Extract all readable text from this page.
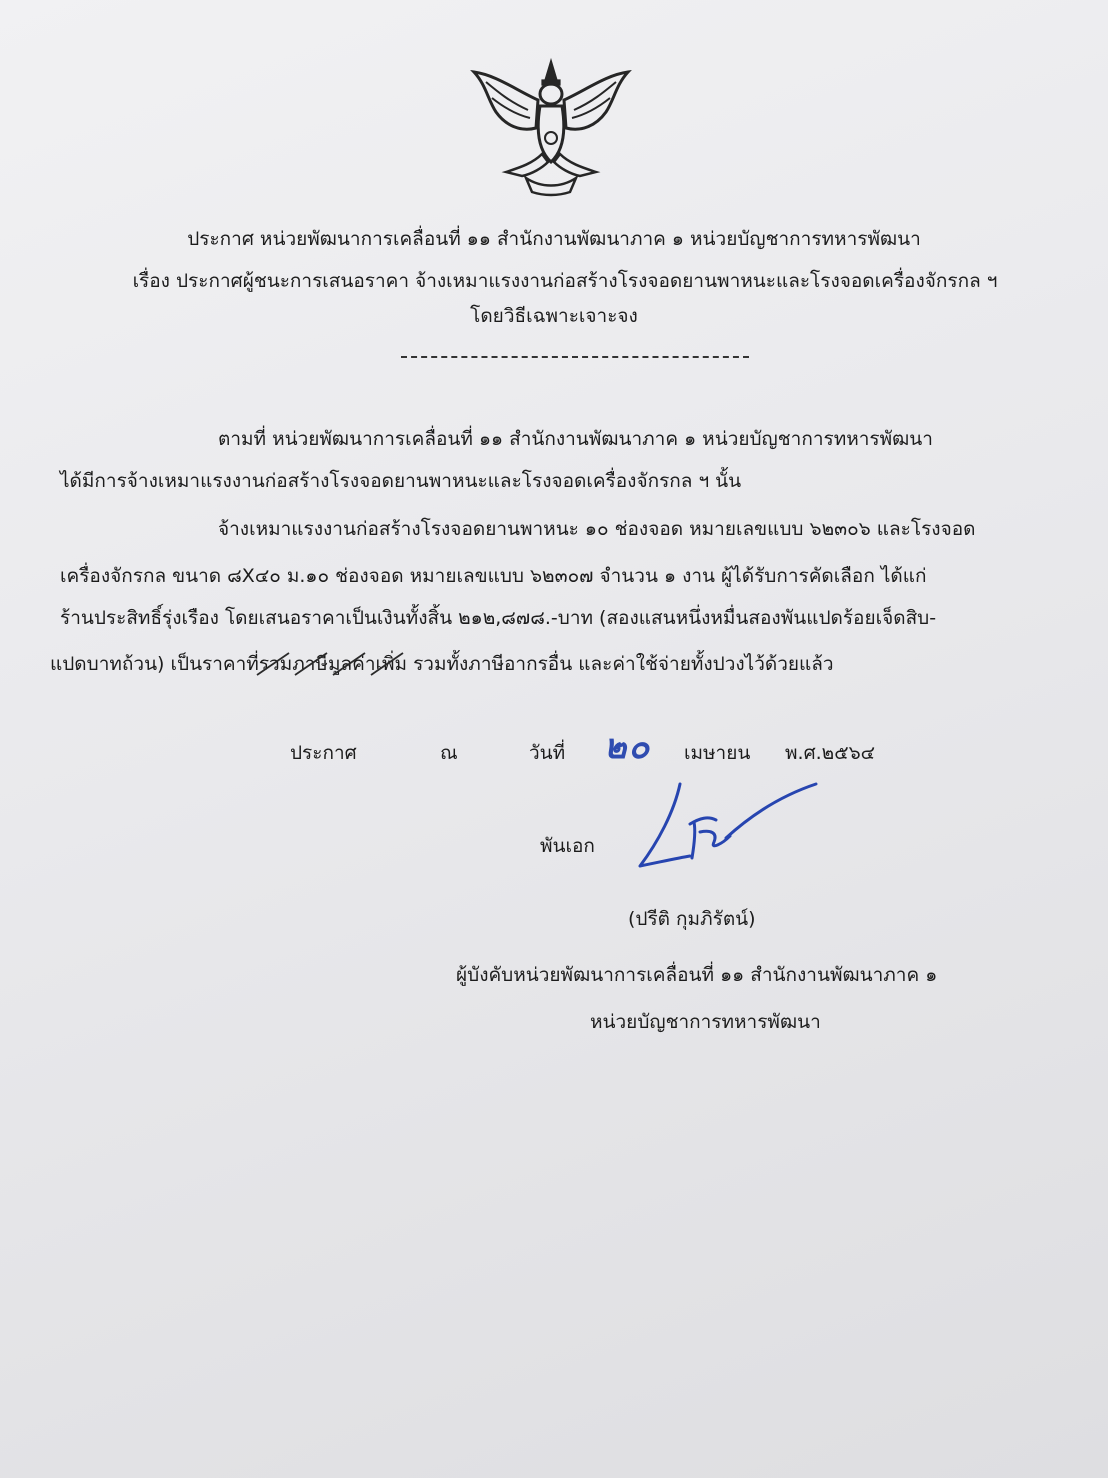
ประกาศ หน่วยพัฒนาการเคลื่อนที่ ๑๑ สำนักงานพัฒนาภาค ๑ หน่วยบัญชาการทหารพัฒนา
เรื่อง ประกาศผู้ชนะการเสนอราคา จ้างเหมาแรงงานก่อสร้างโรงจอดยานพาหนะและโรงจอดเครื่องจักรกล ฯ
โดยวิธีเฉพาะเจาะจง
ตามที่ หน่วยพัฒนาการเคลื่อนที่ ๑๑ สำนักงานพัฒนาภาค ๑ หน่วยบัญชาการทหารพัฒนา
ได้มีการจ้างเหมาแรงงานก่อสร้างโรงจอดยานพาหนะและโรงจอดเครื่องจักรกล ฯ นั้น
จ้างเหมาแรงงานก่อสร้างโรงจอดยานพาหนะ ๑๐ ช่องจอด หมายเลขแบบ ๖๒๓๐๖ และโรงจอด
เครื่องจักรกล ขนาด ๘X๔๐ ม.๑๐ ช่องจอด หมายเลขแบบ ๖๒๓๐๗ จำนวน ๑ งาน ผู้ได้รับการคัดเลือก ได้แก่
ร้านประสิทธิ์รุ่งเรือง โดยเสนอราคาเป็นเงินทั้งสิ้น ๒๑๒,๘๗๘.-บาท (สองแสนหนึ่งหมื่นสองพันแปดร้อยเจ็ดสิบ-
แปดบาทถ้วน) เป็นราคาที่รวมภาษีมูลค่าเพิ่ม
รวมทั้งภาษีอากรอื่น และค่าใช้จ่ายทั้งปวงไว้ด้วยแล้ว
ประกาศ	ณ	วันที่ ๒๐ เมษายน พ.ศ.๒๕๖๔
พันเอก
(ปรีติ กุมภิรัตน์)
ผู้บังคับหน่วยพัฒนาการเคลื่อนที่ ๑๑ สำนักงานพัฒนาภาค ๑
หน่วยบัญชาการทหารพัฒนา
